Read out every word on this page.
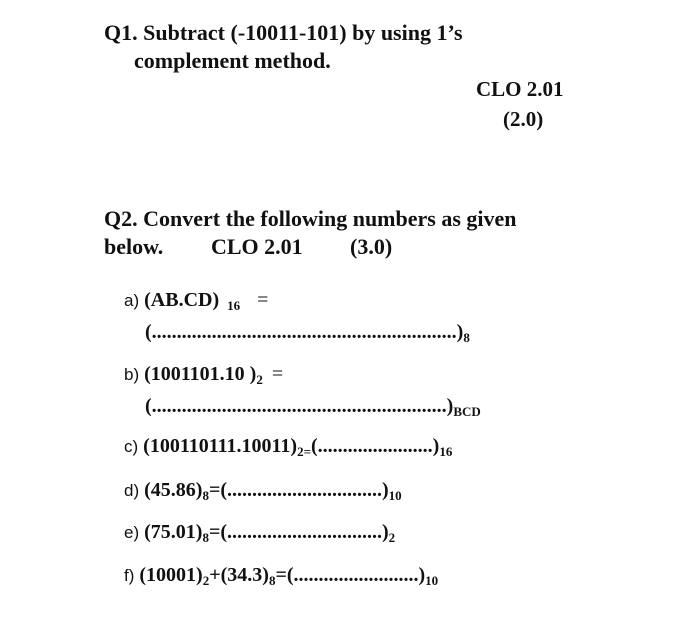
Q1. Subtract (-10011-101) by using 1’s
complement method.
CLO 2.01
(2.0)
Q2. Convert the following numbers as given
below. CLO 2.01 (3.0)
a) (AB.CD) $_{16}$ =
$(.............................................................)_8$
b) (1001101.10 )$_2$ =
$(...........................................................)_{BCD}$
c) $(100110111.10011)_{2=}(.......................)_{16}$
d) $(45.86)_8=(...............................)_{10}$
e) $(75.01)_8=(...............................)_2$
f) $(10001)_2+(34.3)_8=(.........................)_{10}$
